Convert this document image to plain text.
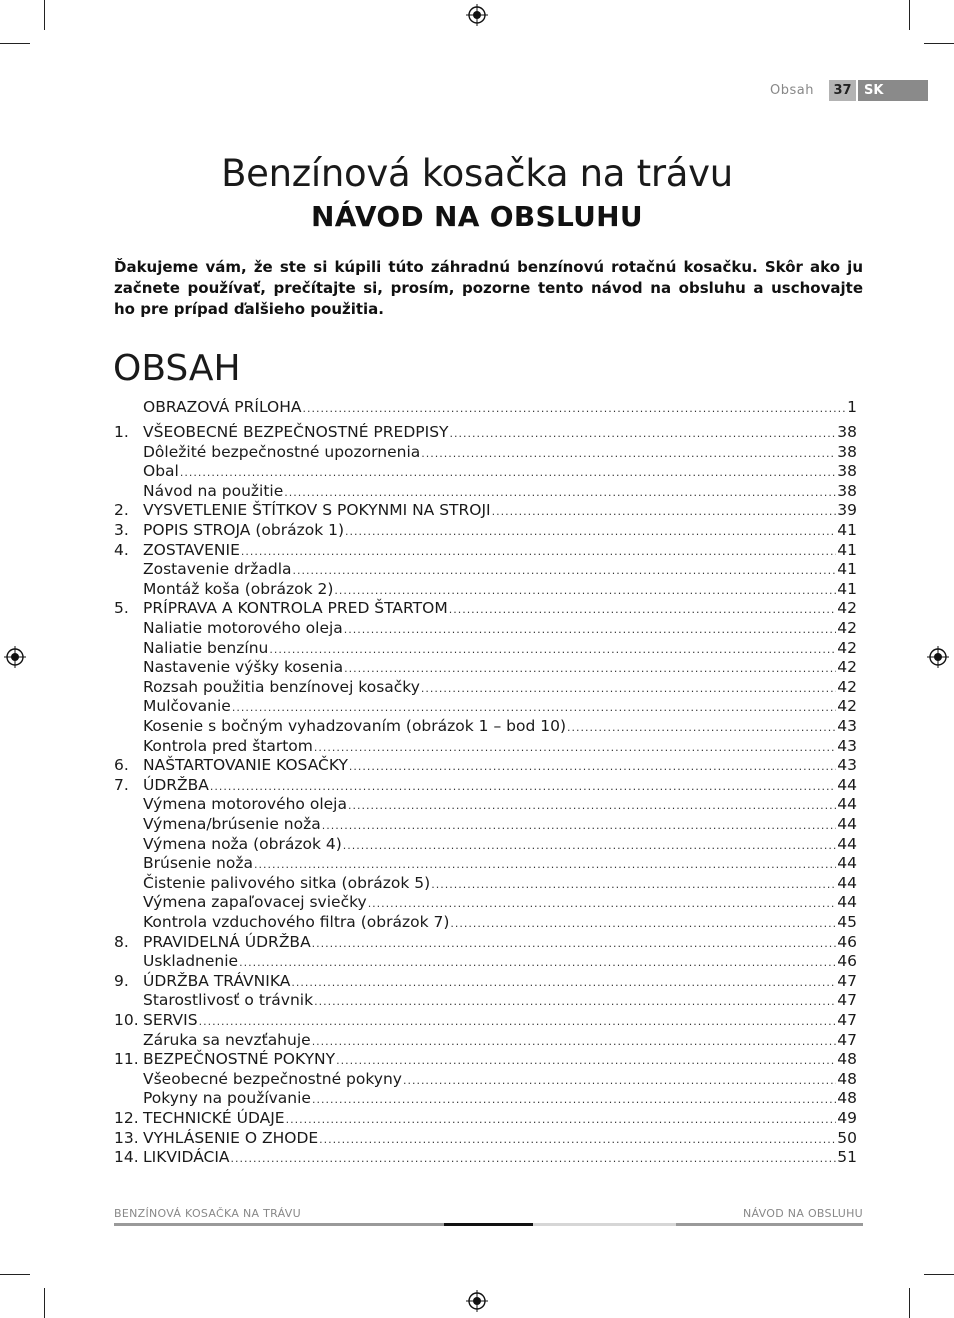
Obsah	37 SK
Benzínová kosačka na trávu
NÁVOD NA OBSLUHU
Ďakujeme vám, že ste si kúpili túto záhradnú benzínovú rotačnú kosačku. Skôr ako ju začnete používať, prečítajte si, prosím, pozorne tento návod na obsluhu a uschovajte ho pre prípad ďalšieho použitia.
OBSAH
OBRAZOVÁ PRÍLOHA .....	1
1. VŠEOBECNÉ BEZPEČNOSTNÉ PREDPISY .....	38
Dôležité bezpečnostné upozornenia .....	38
Obal .....	38
Návod na použitie .....	38
2. VYSVETLENIE ŠTÍTKOV S POKYNMI NA STROJI .....	39
3. POPIS STROJA (obrázok 1) .....	41
4. ZOSTAVENIE .....	41
Zostavenie držadla .....	41
Montáž koša (obrázok 2) .....	41
5. PRÍPRAVA A KONTROLA PRED ŠTARTOM .....	42
Naliatie motorového oleja .....	42
Naliatie benzínu .....	42
Nastavenie výšky kosenia .....	42
Rozsah použitia benzínovej kosačky .....	42
Mulčovanie .....	42
Kosenie s bočným vyhadzovaním (obrázok 1 – bod 10) .....	43
Kontrola pred štartom .....	43
6. NAŠTARTOVANIE KOSAČKY .....	43
7. ÚDRŽBA .....	44
Výmena motorového oleja .....	44
Výmena/brúsenie noža .....	44
Výmena noža (obrázok 4) .....	44
Brúsenie noža .....	44
Čistenie palivového sitka (obrázok 5) .....	44
Výmena zapaľovacej sviečky .....	44
Kontrola vzduchového filtra (obrázok 7) .....	45
8. PRAVIDELNÁ ÚDRŽBA .....	46
Uskladnenie .....	46
9. ÚDRŽBA TRÁVNIKA .....	47
Starostlivosť o trávnik .....	47
10. SERVIS .....	47
Záruka sa nevzťahuje .....	47
11. BEZPEČNOSTNÉ POKYNY .....	48
Všeobecné bezpečnostné pokyny .....	48
Pokyny na používanie .....	48
12. TECHNICKÉ ÚDAJE .....	49
13. VYHLÁSENIE O ZHODE .....	50
14. LIKVIDÁCIA .....	51
BENZÍNOVÁ KOSAČKA NA TRÁVU	NÁVOD NA OBSLUHU
